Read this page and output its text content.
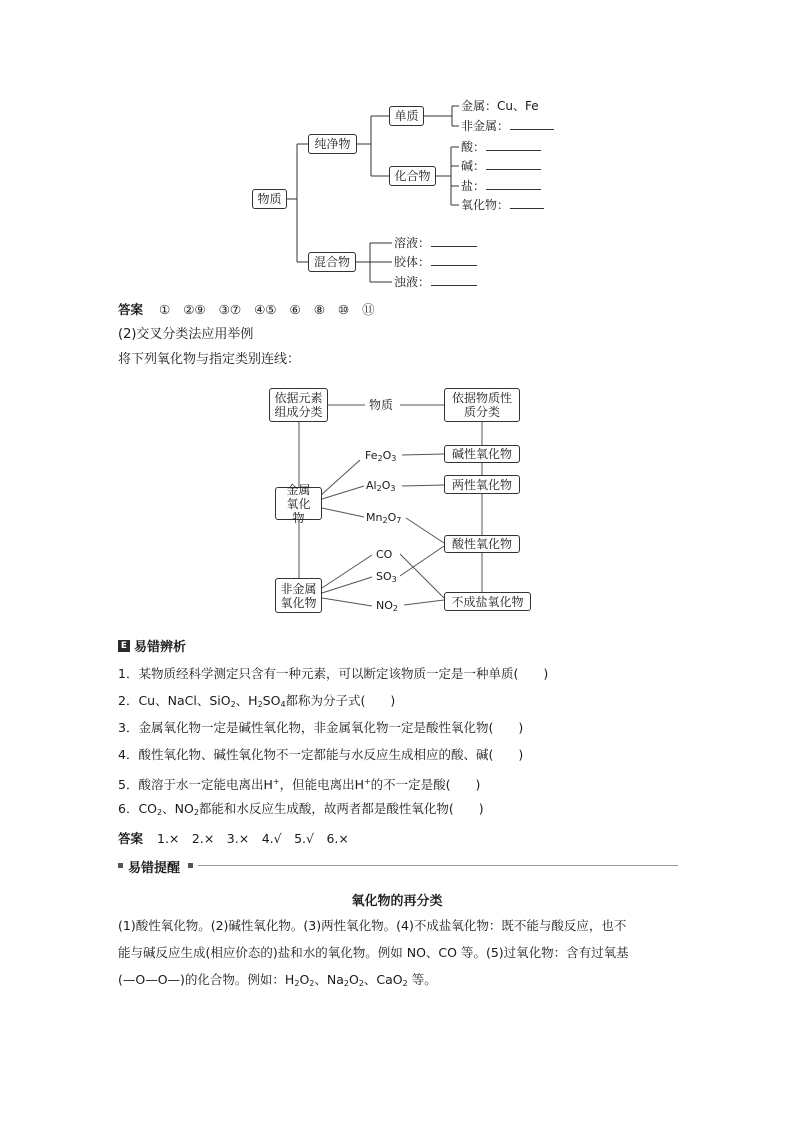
物质
纯净物
混合物
单质
化合物
金属：Cu、Fe
非金属：
酸：
碱：
盐：
氧化物：
溶液：
胶体：
浊液：
答案 ① ②⑨ ③⑦ ④⑤ ⑥ ⑧ ⑩ ⑪
(2)交叉分类法应用举例
将下列氧化物与指定类别连线：
依据元素组成分类	物质	依据物质性质分类
金属氧化物
非金属氧化物
碱性氧化物
两性氧化物
酸性氧化物
不成盐氧化物
$Fe_2O_3$
$Al_2O_3$
$Mn_2O_7$
CO
$SO_3$
$NO_2$
E 易错辨析
1．某物质经科学测定只含有一种元素，可以断定该物质一定是一种单质(　　)
2．Cu、NaCl、SiO$_2$、$H_2SO_4$都称为分子式(　　)
3．金属氧化物一定是碱性氧化物，非金属氧化物一定是酸性氧化物(　　)
4．酸性氧化物、碱性氧化物不一定都能与水反应生成相应的酸、碱(　　)
5．酸溶于水一定能电离出H+，但能电离出H+的不一定是酸(　　)
6．$CO_2$、$NO_2$都能和水反应生成酸，故两者都是酸性氧化物(　　)
答案 1.×　2.×　3.×　4.√　5.√　6.×
易错提醒
氧化物的再分类
(1)酸性氧化物。(2)碱性氧化物。(3)两性氧化物。(4)不成盐氧化物：既不能与酸反应，也不
能与碱反应生成(相应价态的)盐和水的氧化物。例如 NO、CO 等。(5)过氧化物：含有过氧基
(—O—O—)的化合物。例如：$H_2O_2$、$Na_2O_2$、CaO$_2$ 等。
